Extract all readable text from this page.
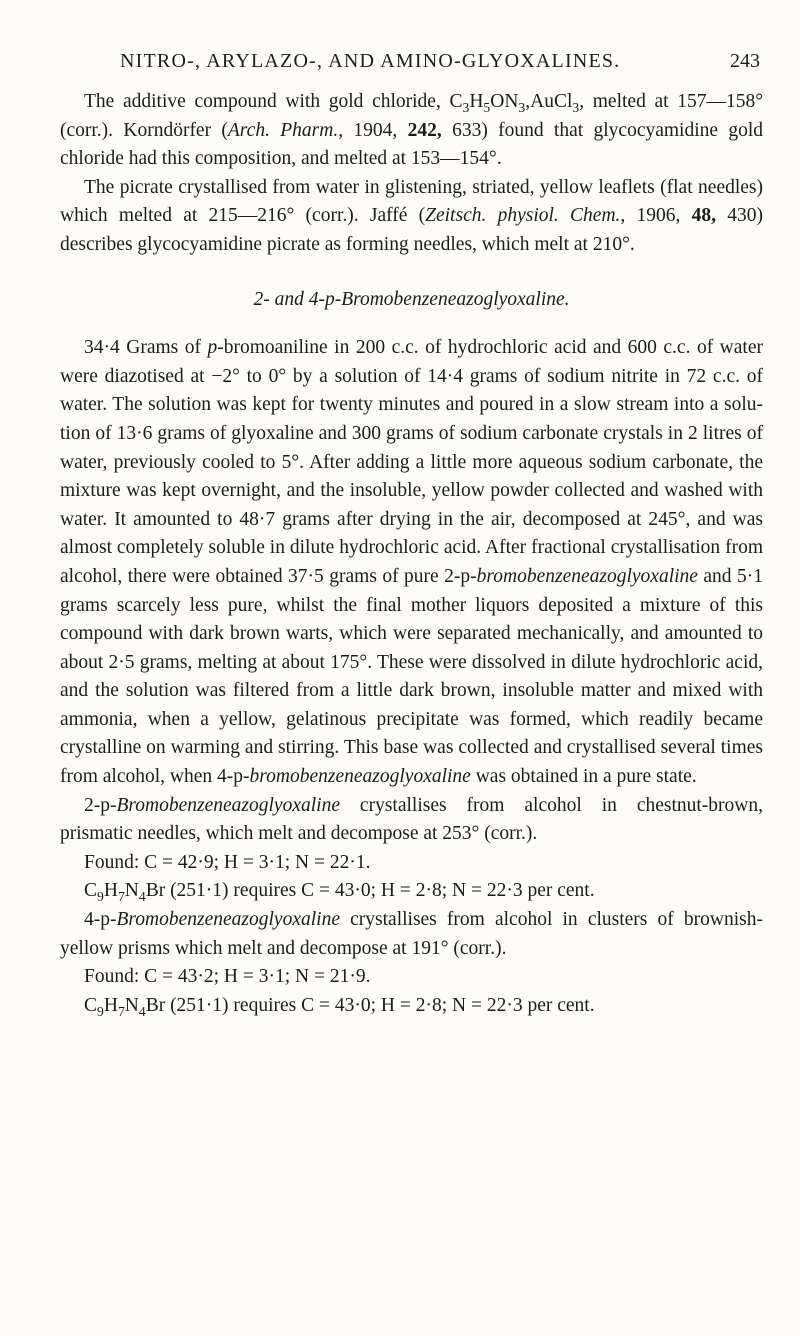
NITRO-, ARYLAZO-, AND AMINO-GLYOXALINES.	243

The additive compound with gold chloride, $C_3H_5ON_3,AuCl_3$, melted at 157—158° (corr.). Korndörfer (Arch. Pharm., 1904, 242, 633) found that glycocyamidine gold chloride had this composition, and melted at 153—154°.

The picrate crystallised from water in glistening, striated, yellow leaflets (flat needles) which melted at 215—216° (corr.). Jaffé (Zeitsch. physiol. Chem., 1906, 48, 430) describes glycocyamidine picrate as forming needles, which melt at 210°.

2- and 4-p-Bromobenzeneazoglyoxaline.

34·4 Grams of p-bromoaniline in 200 c.c. of hydrochloric acid and 600 c.c. of water were diazotised at −2° to 0° by a solution of 14·4 grams of sodium nitrite in 72 c.c. of water. The solution was kept for twenty minutes and poured in a slow stream into a solution of 13·6 grams of glyoxaline and 300 grams of sodium carbonate crystals in 2 litres of water, previously cooled to 5°. After adding a little more aqueous sodium carbonate, the mixture was kept overnight, and the insoluble, yellow powder collected and washed with water. It amounted to 48·7 grams after drying in the air, decomposed at 245°, and was almost completely soluble in dilute hydrochloric acid. After fractional crystallisation from alcohol, there were obtained 37·5 grams of pure 2-p-bromobenzeneazoglyoxaline and 5·1 grams scarcely less pure, whilst the final mother liquors deposited a mixture of this compound with dark brown warts, which were separated mechanically, and amounted to about 2·5 grams, melting at about 175°. These were dissolved in dilute hydrochloric acid, and the solution was filtered from a little dark brown, insoluble matter and mixed with ammonia, when a yellow, gelatinous precipitate was formed, which readily became crystalline on warming and stirring. This base was collected and crystallised several times from alcohol, when 4-p-bromobenzeneazoglyoxaline was obtained in a pure state.

2-p-Bromobenzeneazoglyoxaline crystallises from alcohol in chestnut-brown, prismatic needles, which melt and decompose at 253° (corr.).

Found: C = 42·9; H = 3·1; N = 22·1.

$C_9H_7N_4Br$ (251·1) requires C = 43·0; H = 2·8; N = 22·3 per cent.

4-p-Bromobenzeneazoglyoxaline crystallises from alcohol in clusters of brownish-yellow prisms which melt and decompose at 191° (corr.).

Found: C = 43·2; H = 3·1; N = 21·9.

$C_9H_7N_4Br$ (251·1) requires C = 43·0; H = 2·8; N = 22·3 per cent.
